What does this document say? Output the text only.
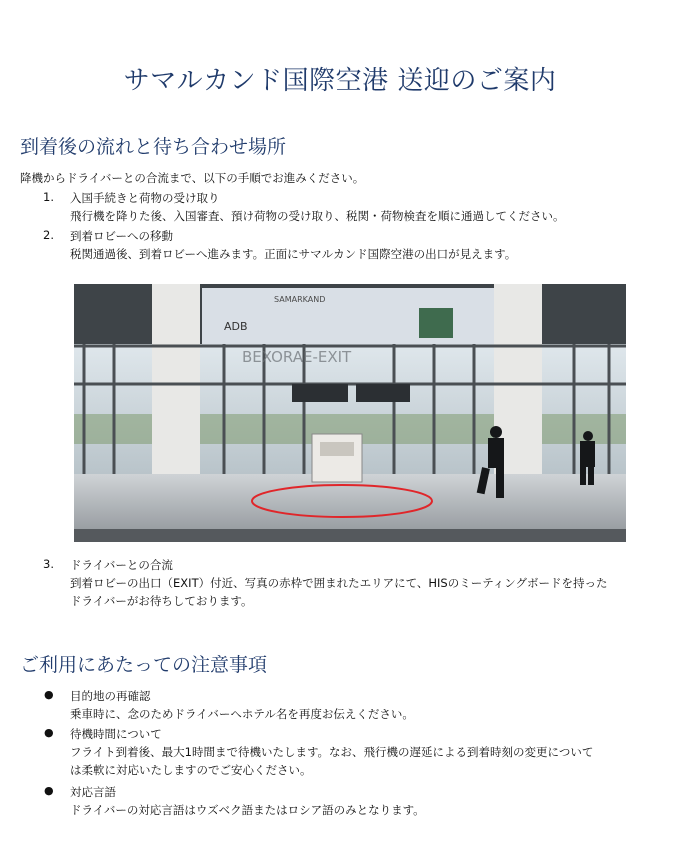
サマルカンド国際空港 送迎のご案内
到着後の流れと待ち合わせ場所
降機からドライバーとの合流まで、以下の手順でお進みください。
1. 入国手続きと荷物の受け取り
飛行機を降りた後、入国審査、預け荷物の受け取り、税関・荷物検査を順に通過してください。
2. 到着ロビーへの移動
税関通過後、到着ロビーへ進みます。正面にサマルカンド国際空港の出口が見えます。
ADB
SAMARKAND
BEXORAE-EXIT
3. ドライバーとの合流
到着ロビーの出口（EXIT）付近、写真の赤枠で囲まれたエリアにて、HISのミーティングボードを持った
ドライバーがお待ちしております。
ご利用にあたっての注意事項
● 目的地の再確認
乗車時に、念のためドライバーへホテル名を再度お伝えください。
● 待機時間について
フライト到着後、最大1時間まで待機いたします。なお、飛行機の遅延による到着時刻の変更について
は柔軟に対応いたしますのでご安心ください。
● 対応言語
ドライバーの対応言語はウズベク語またはロシア語のみとなります。
